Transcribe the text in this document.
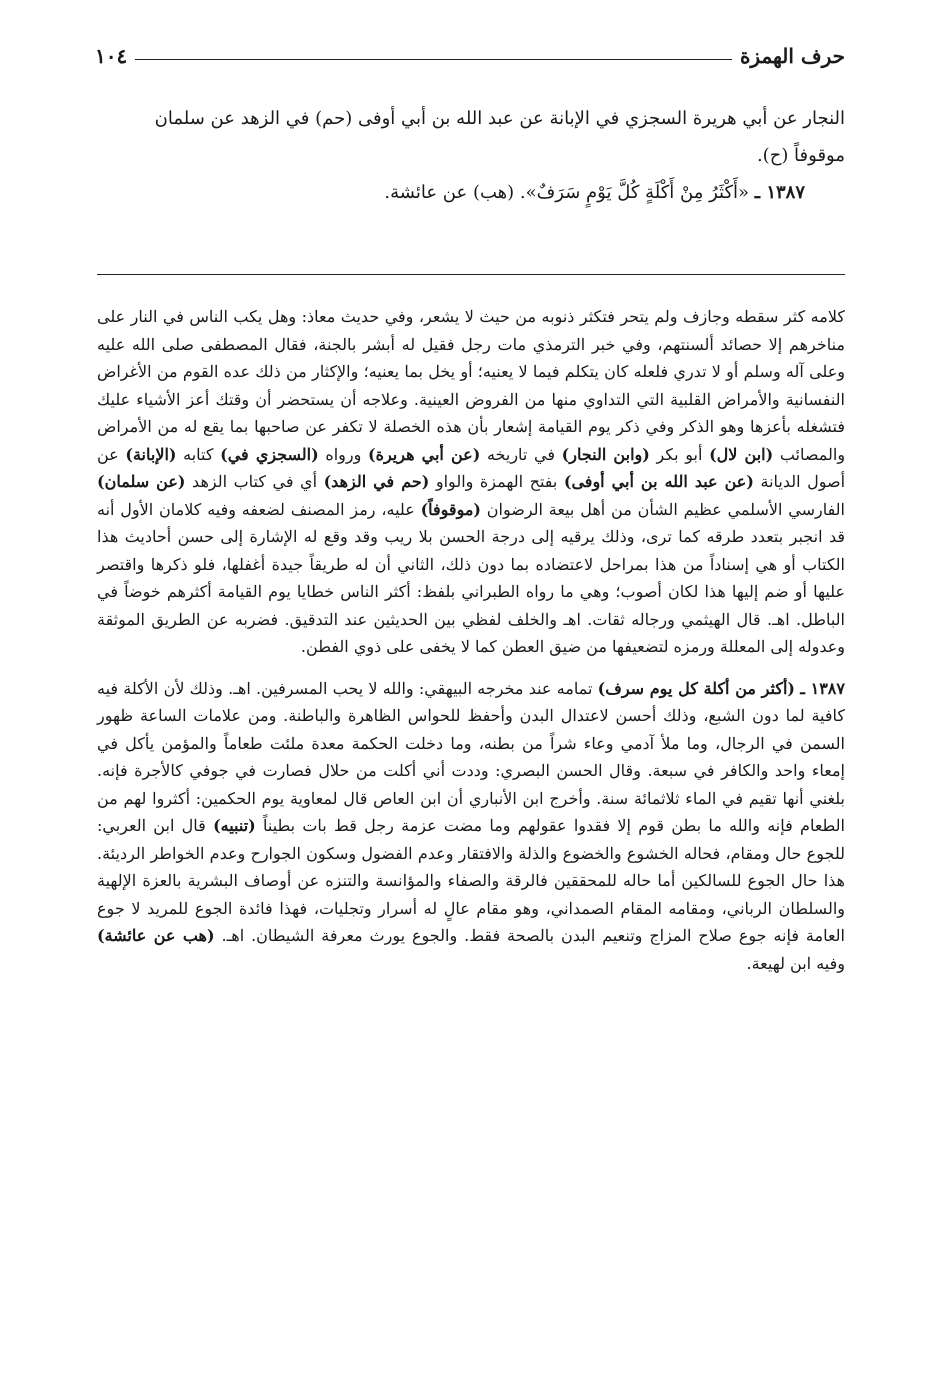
حرف الهمزة
١٠٤

النجار عن أبي هريرة السجزي في الإبانة عن عبد الله بن أبي أوفى (حم) في الزهد عن سلمان

موقوفاً (ح).

١٣٨٧ ـ «أَكْثَرُ مِنْ أَكْلَةٍ كُلَّ يَوْمٍ سَرَفٌ». (هب) عن عائشة.

كلامه كثر سقطه وجازف ولم يتحر فتكثر ذنوبه من حيث لا يشعر، وفي حديث معاذ: وهل يكب الناس في النار على مناخرهم إلا حصائد ألسنتهم، وفي خبر الترمذي مات رجل فقيل له أبشر بالجنة، فقال المصطفى صلى الله عليه وعلى آله وسلم أو لا تدري فلعله كان يتكلم فيما لا يعنيه؛ أو يخل بما يعنيه؛ والإكثار من ذلك عده القوم من الأغراض النفسانية والأمراض القلبية التي التداوي منها من الفروض العينية. وعلاجه أن يستحضر أن وقتك أعز الأشياء عليك فتشغله بأعزها وهو الذكر وفي ذكر يوم القيامة إشعار بأن هذه الخصلة لا تكفر عن صاحبها بما يقع له من الأمراض والمصائب (ابن لال) أبو بكر (وابن النجار) في تاريخه (عن أبي هريرة) ورواه (السجزي في) كتابه (الإبانة) عن أصول الديانة (عن عبد الله بن أبي أوفى) بفتح الهمزة والواو (حم في الزهد) أي في كتاب الزهد (عن سلمان) الفارسي الأسلمي عظيم الشأن من أهل بيعة الرضوان (موقوفاً) عليه، رمز المصنف لضعفه وفيه كلامان الأول أنه قد انجبر بتعدد طرقه كما ترى، وذلك يرقيه إلى درجة الحسن بلا ريب وقد وقع له الإشارة إلى حسن أحاديث هذا الكتاب أو هي إسناداً من هذا بمراحل لاعتضاده بما دون ذلك، الثاني أن له طريقاً جيدة أغفلها، فلو ذكرها واقتصر عليها أو ضم إليها هذا لكان أصوب؛ وهي ما رواه الطبراني بلفظ: أكثر الناس خطايا يوم القيامة أكثرهم خوضاً في الباطل. اهـ. قال الهيثمي ورجاله ثقات. اهـ والخلف لفظي بين الحديثين عند التدقيق. فضربه عن الطريق الموثقة وعدوله إلى المعللة ورمزه لتضعيفها من ضيق العطن كما لا يخفى على ذوي الفطن.

١٣٨٧ ـ (أكثر من أكلة كل يوم سرف) تمامه عند مخرجه البيهقي: والله لا يحب المسرفين. اهـ. وذلك لأن الأكلة فيه كافية لما دون الشبع، وذلك أحسن لاعتدال البدن وأحفظ للحواس الظاهرة والباطنة. ومن علامات الساعة ظهور السمن في الرجال، وما ملأ آدمي وعاء شراً من بطنه، وما دخلت الحكمة معدة ملئت طعاماً والمؤمن يأكل في إمعاء واحد والكافر في سبعة. وقال الحسن البصري: وددت أني أكلت من حلال فصارت في جوفي كالأجرة فإنه. بلغني أنها تقيم في الماء ثلاثمائة سنة. وأخرج ابن الأنباري أن ابن العاص قال لمعاوية يوم الحكمين: أكثروا لهم من الطعام فإنه والله ما بطن قوم إلا فقدوا عقولهم وما مضت عزمة رجل قط بات بطيناً (تنبيه) قال ابن العربي: للجوع حال ومقام، فحاله الخشوع والخضوع والذلة والافتقار وعدم الفضول وسكون الجوارح وعدم الخواطر الرديئة. هذا حال الجوع للسالكين أما حاله للمحققين فالرقة والصفاء والمؤانسة والتنزه عن أوصاف البشرية بالعزة الإلهية والسلطان الرباني، ومقامه المقام الصمداني، وهو مقام عالٍ له أسرار وتجليات، فهذا فائدة الجوع للمريد لا جوع العامة فإنه جوع صلاح المزاج وتنعيم البدن بالصحة فقط. والجوع يورث معرفة الشيطان. اهـ. (هب عن عائشة) وفيه ابن لهيعة.
